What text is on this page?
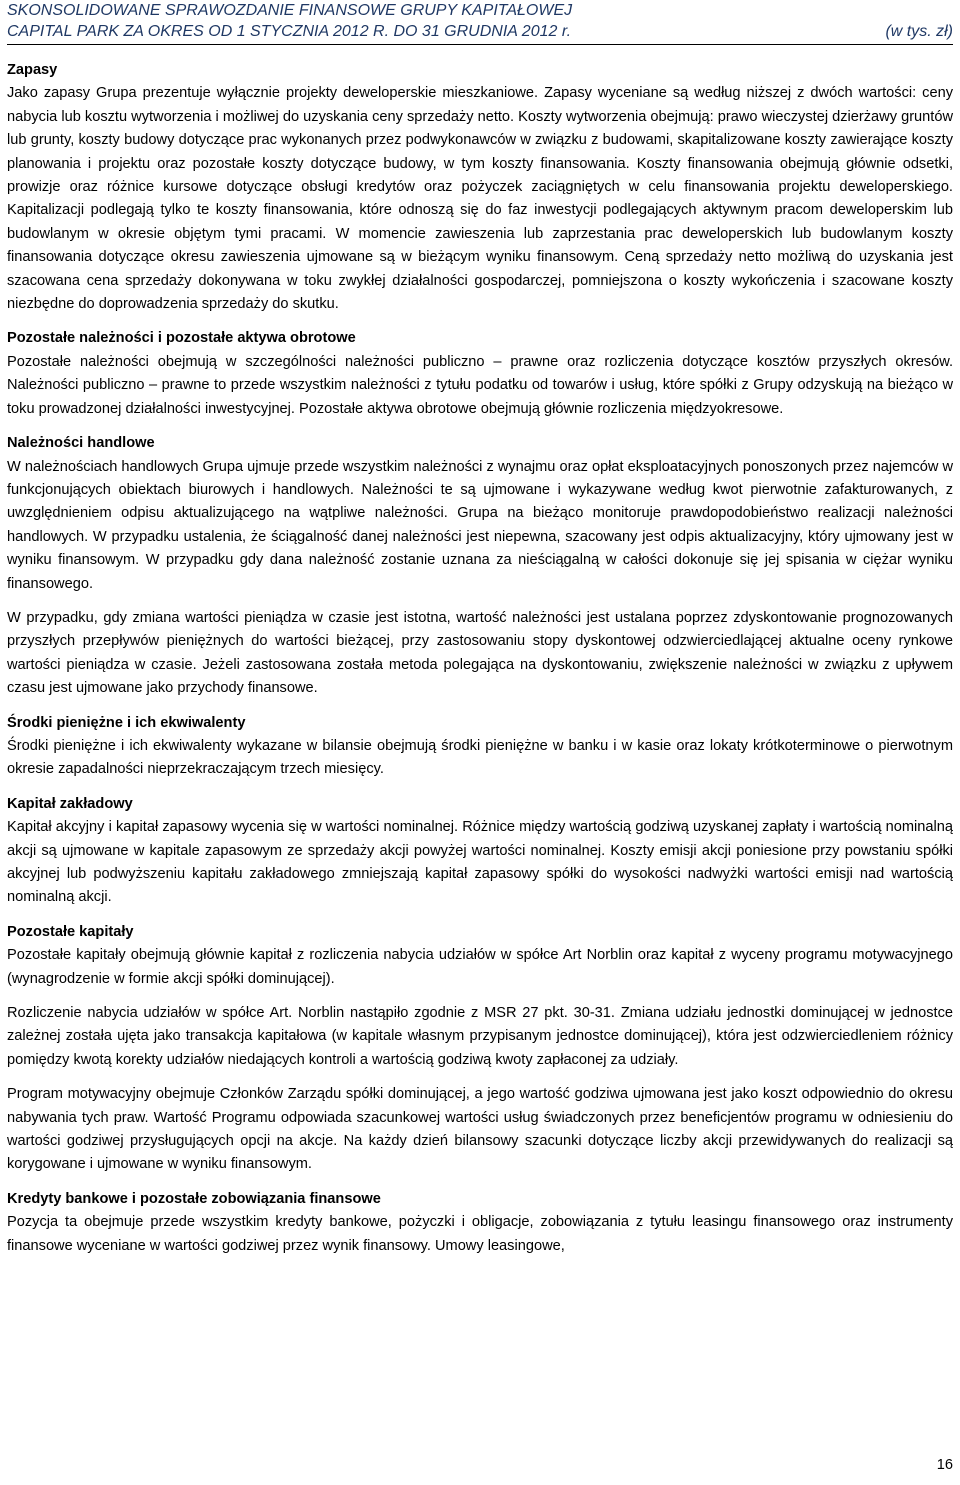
SKONSOLIDOWANE SPRAWOZDANIE FINANSOWE GRUPY KAPITAŁOWEJ
CAPITAL PARK ZA OKRES OD 1 STYCZNIA 2012 R. DO 31 GRUDNIA 2012 r.	(w tys. zł)
Zapasy

Jako zapasy Grupa prezentuje wyłącznie projekty deweloperskie mieszkaniowe. Zapasy wyceniane są według niższej z dwóch wartości: ceny nabycia lub kosztu wytworzenia i możliwej do uzyskania ceny sprzedaży netto. Koszty wytworzenia obejmują: prawo wieczystej dzierżawy gruntów lub grunty, koszty budowy dotyczące prac wykonanych przez podwykonawców w związku z budowami, skapitalizowane koszty zawierające koszty planowania i projektu oraz pozostałe koszty dotyczące budowy, w tym koszty finansowania. Koszty finansowania obejmują głównie odsetki, prowizje oraz różnice kursowe dotyczące obsługi kredytów oraz pożyczek zaciągniętych w celu finansowania projektu deweloperskiego. Kapitalizacji podlegają tylko te koszty finansowania, które odnoszą się do faz inwestycji podlegających aktywnym pracom deweloperskim lub budowlanym w okresie objętym tymi pracami. W momencie zawieszenia lub zaprzestania prac deweloperskich lub budowlanym koszty finansowania dotyczące okresu zawieszenia ujmowane są w bieżącym wyniku finansowym. Ceną sprzedaży netto możliwą do uzyskania jest szacowana cena sprzedaży dokonywana w toku zwykłej działalności gospodarczej, pomniejszona o koszty wykończenia i szacowane koszty niezbędne do doprowadzenia sprzedaży do skutku.

Pozostałe należności i pozostałe aktywa obrotowe

Pozostałe należności obejmują w szczególności należności publiczno – prawne oraz rozliczenia dotyczące kosztów przyszłych okresów. Należności publiczno – prawne to przede wszystkim należności z tytułu podatku od towarów i usług, które spółki z Grupy odzyskują na bieżąco w toku prowadzonej działalności inwestycyjnej. Pozostałe aktywa obrotowe obejmują głównie rozliczenia międzyokresowe.

Należności handlowe

W należnościach handlowych Grupa ujmuje przede wszystkim należności z wynajmu oraz opłat eksploatacyjnych ponoszonych przez najemców w funkcjonujących obiektach biurowych i handlowych. Należności te są ujmowane i wykazywane według kwot pierwotnie zafakturowanych, z uwzględnieniem odpisu aktualizującego na wątpliwe należności. Grupa na bieżąco monitoruje prawdopodobieństwo realizacji należności handlowych. W przypadku ustalenia, że ściągalność danej należności jest niepewna, szacowany jest odpis aktualizacyjny, który ujmowany jest w wyniku finansowym. W przypadku gdy dana należność zostanie uznana za nieściągalną w całości dokonuje się jej spisania w ciężar wyniku finansowego.

W przypadku, gdy zmiana wartości pieniądza w czasie jest istotna, wartość należności jest ustalana poprzez zdyskontowanie prognozowanych przyszłych przepływów pieniężnych do wartości bieżącej, przy zastosowaniu stopy dyskontowej odzwierciedlającej aktualne oceny rynkowe wartości pieniądza w czasie. Jeżeli zastosowana została metoda polegająca na dyskontowaniu, zwiększenie należności w związku z upływem czasu jest ujmowane jako przychody finansowe.

Środki pieniężne i ich ekwiwalenty

Środki pieniężne i ich ekwiwalenty wykazane w bilansie obejmują środki pieniężne w banku i w kasie oraz lokaty krótkoterminowe o pierwotnym okresie zapadalności nieprzekraczającym trzech miesięcy.

Kapitał zakładowy

Kapitał akcyjny i kapitał zapasowy wycenia się w wartości nominalnej. Różnice między wartością godziwą uzyskanej zapłaty i wartością nominalną akcji są ujmowane w kapitale zapasowym ze sprzedaży akcji powyżej wartości nominalnej. Koszty emisji akcji poniesione przy powstaniu spółki akcyjnej lub podwyższeniu kapitału zakładowego zmniejszają kapitał zapasowy spółki do wysokości nadwyżki wartości emisji nad wartością nominalną akcji.

Pozostałe kapitały

Pozostałe kapitały obejmują głównie kapitał z rozliczenia nabycia udziałów w spółce Art Norblin oraz kapitał z wyceny programu motywacyjnego (wynagrodzenie w formie akcji spółki dominującej).

Rozliczenie nabycia udziałów w spółce Art. Norblin nastąpiło zgodnie z MSR 27 pkt. 30-31. Zmiana udziału jednostki dominującej w jednostce zależnej została ujęta jako transakcja kapitałowa (w kapitale własnym przypisanym jednostce dominującej), która jest odzwierciedleniem różnicy pomiędzy kwotą korekty udziałów niedających kontroli a wartością godziwą kwoty zapłaconej za udziały.

Program motywacyjny obejmuje Członków Zarządu spółki dominującej, a jego wartość godziwa ujmowana jest jako koszt odpowiednio do okresu nabywania tych praw. Wartość Programu odpowiada szacunkowej wartości usług świadczonych przez beneficjentów programu w odniesieniu do wartości godziwej przysługujących opcji na akcje. Na każdy dzień bilansowy szacunki dotyczące liczby akcji przewidywanych do realizacji są korygowane i ujmowane w wyniku finansowym.

Kredyty bankowe i pozostałe zobowiązania finansowe

Pozycja ta obejmuje przede wszystkim kredyty bankowe, pożyczki i obligacje, zobowiązania z tytułu leasingu finansowego oraz instrumenty finansowe wyceniane w wartości godziwej przez wynik finansowy. Umowy leasingowe,

16
